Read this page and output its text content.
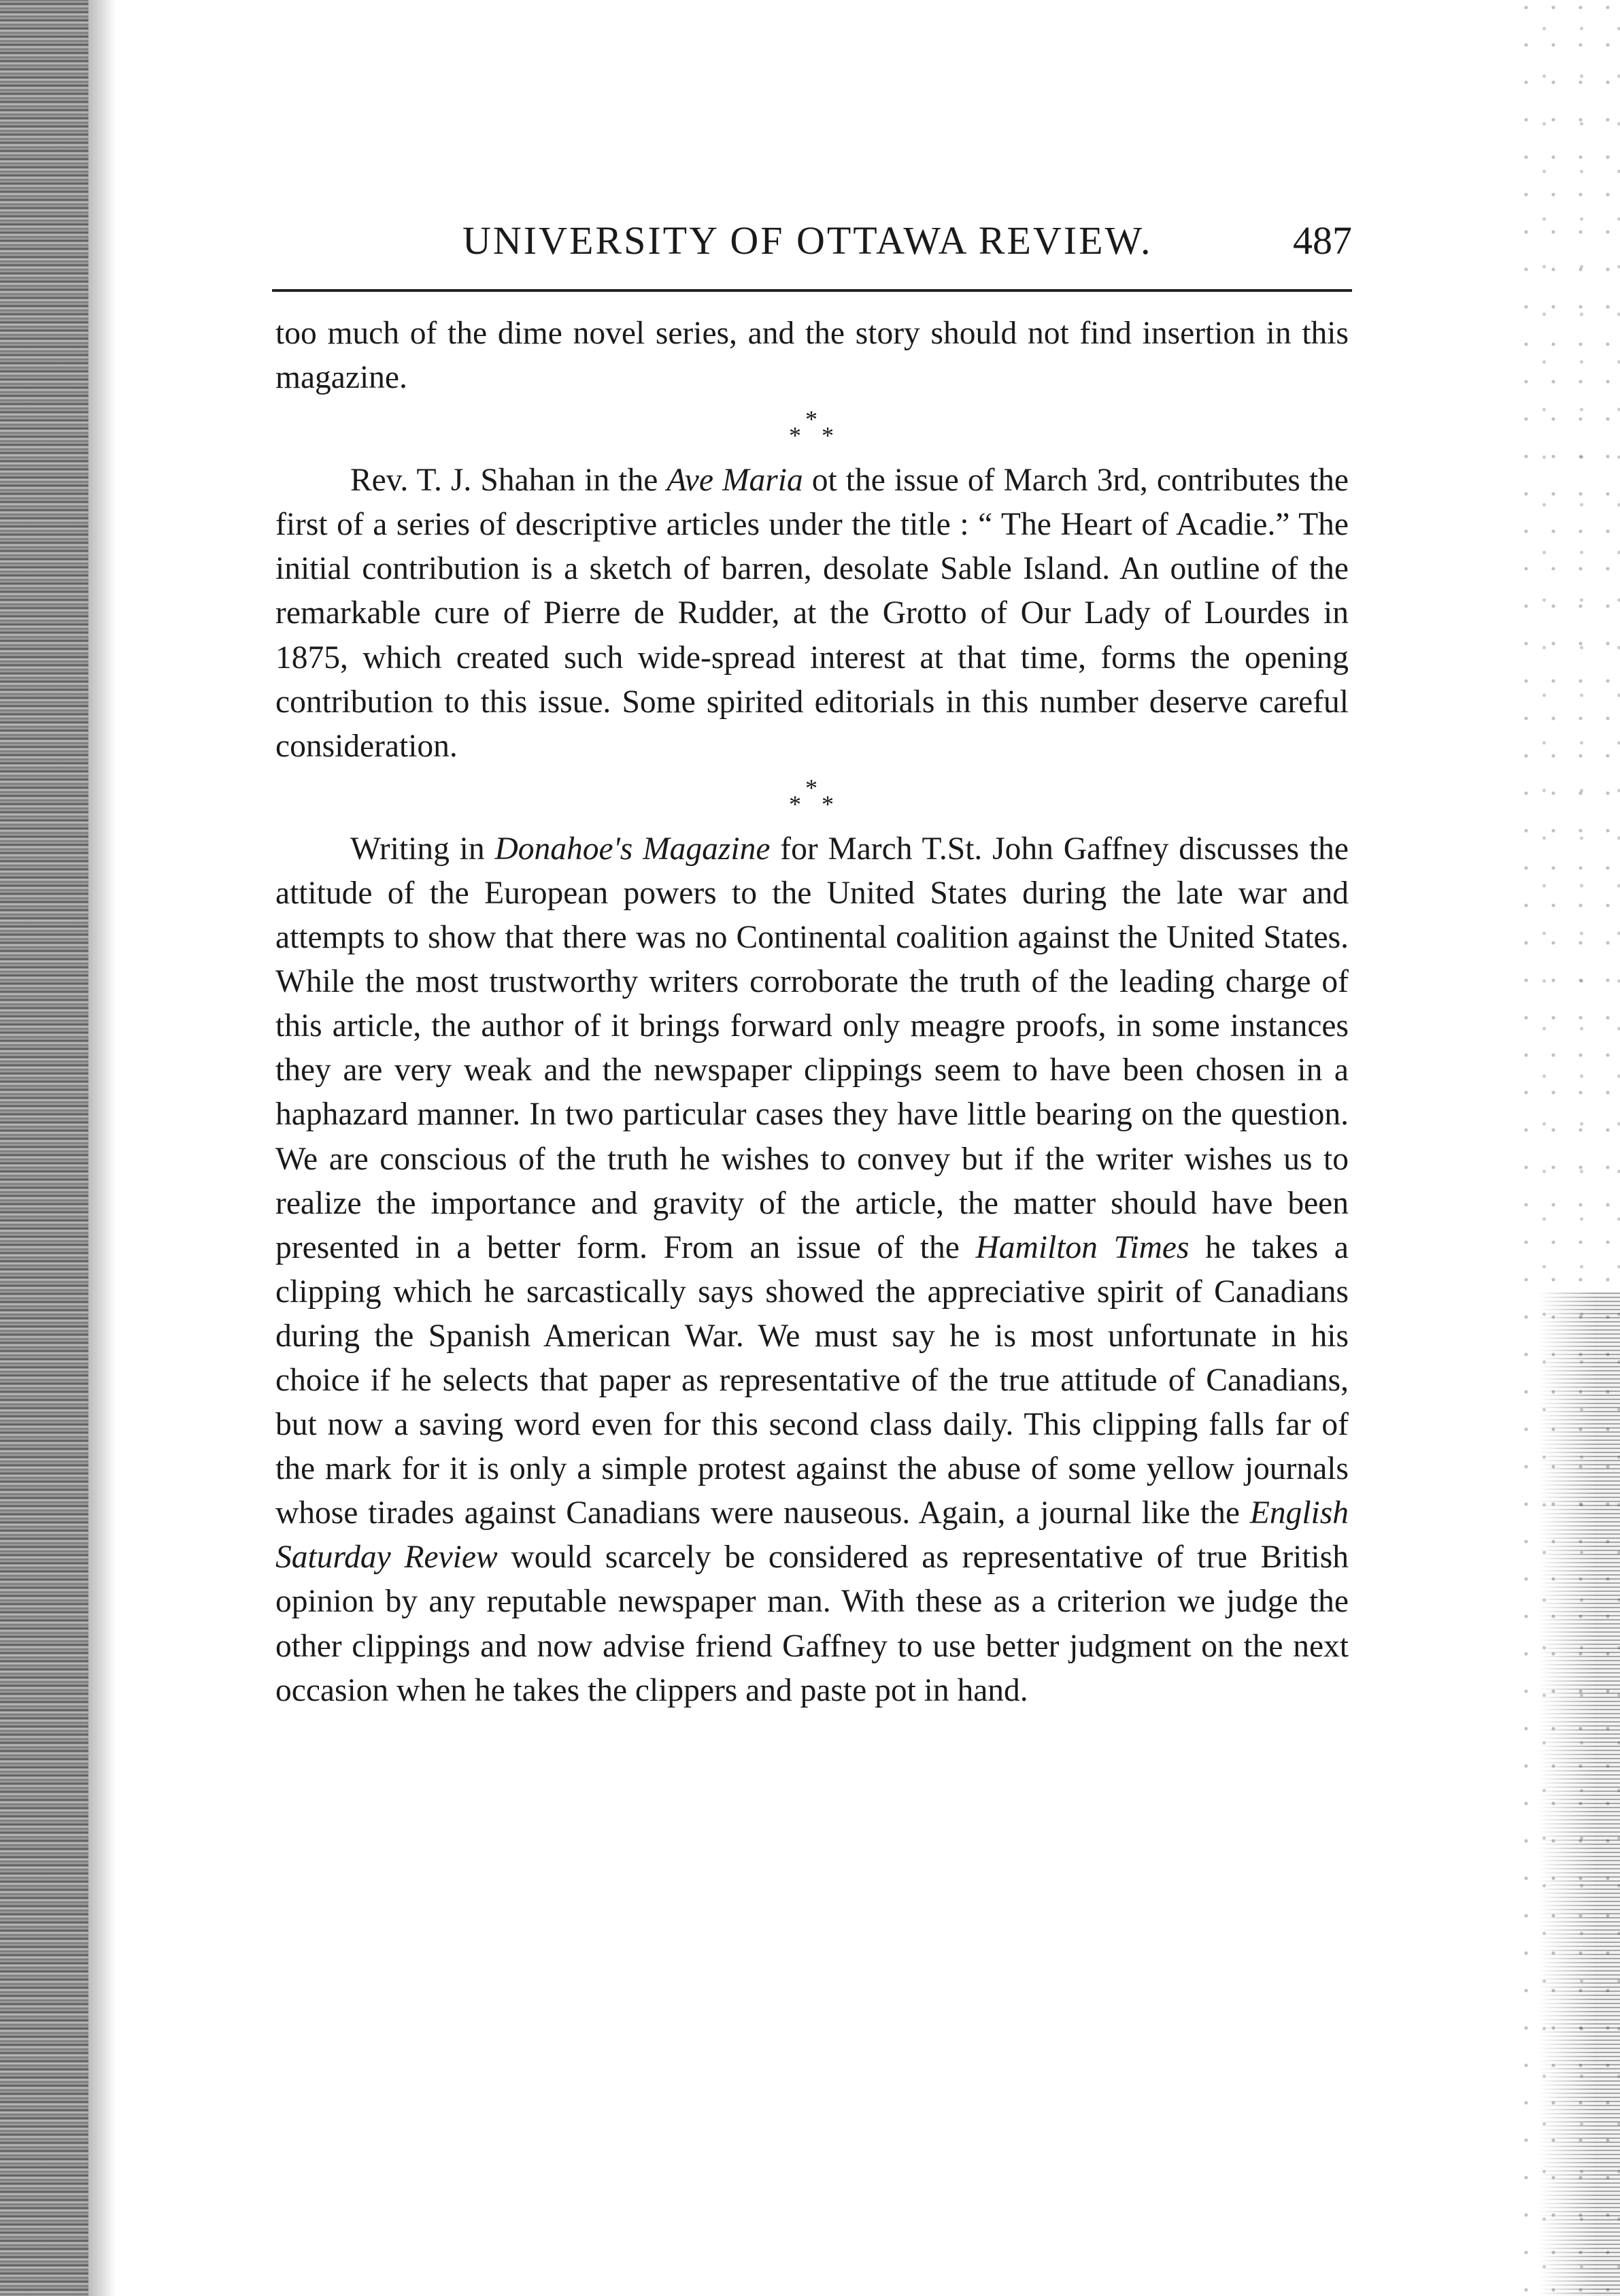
UNIVERSITY OF OTTAWA REVIEW.	487

too much of the dime novel series, and the story should not find insertion in this magazine.

*
* *

Rev. T. J. Shahan in the Ave Maria ot the issue of March 3rd, contributes the first of a series of descriptive articles under the title : “ The Heart of Acadie.” The initial contribution is a sketch of barren, desolate Sable Island. An outline of the remarkable cure of Pierre de Rudder, at the Grotto of Our Lady of Lourdes in 1875, which created such wide-spread interest at that time, forms the opening contribution to this issue. Some spirited editorials in this number deserve careful consideration.

*
* *

Writing in Donahoe's Magazine for March T.St. John Gaffney discusses the attitude of the European powers to the United States during the late war and attempts to show that there was no Continental coalition against the United States. While the most trustworthy writers corroborate the truth of the leading charge of this article, the author of it brings forward only meagre proofs, in some instances they are very weak and the newspaper clippings seem to have been chosen in a haphazard manner. In two particular cases they have little bearing on the question. We are conscious of the truth he wishes to convey but if the writer wishes us to realize the importance and gravity of the article, the matter should have been presented in a better form. From an issue of the Hamilton Times he takes a clipping which he sarcastically says showed the appreciative spirit of Canadians during the Spanish American War. We must say he is most unfortunate in his choice if he selects that paper as representative of the true attitude of Canadians, but now a saving word even for this second class daily. This clipping falls far of the mark for it is only a simple protest against the abuse of some yellow journals whose tirades against Canadians were nauseous. Again, a journal like the English Saturday Review would scarcely be considered as representative of true British opinion by any reputable newspaper man. With these as a criterion we judge the other clippings and now advise friend Gaffney to use better judgment on the next occasion when he takes the clippers and paste pot in hand.
